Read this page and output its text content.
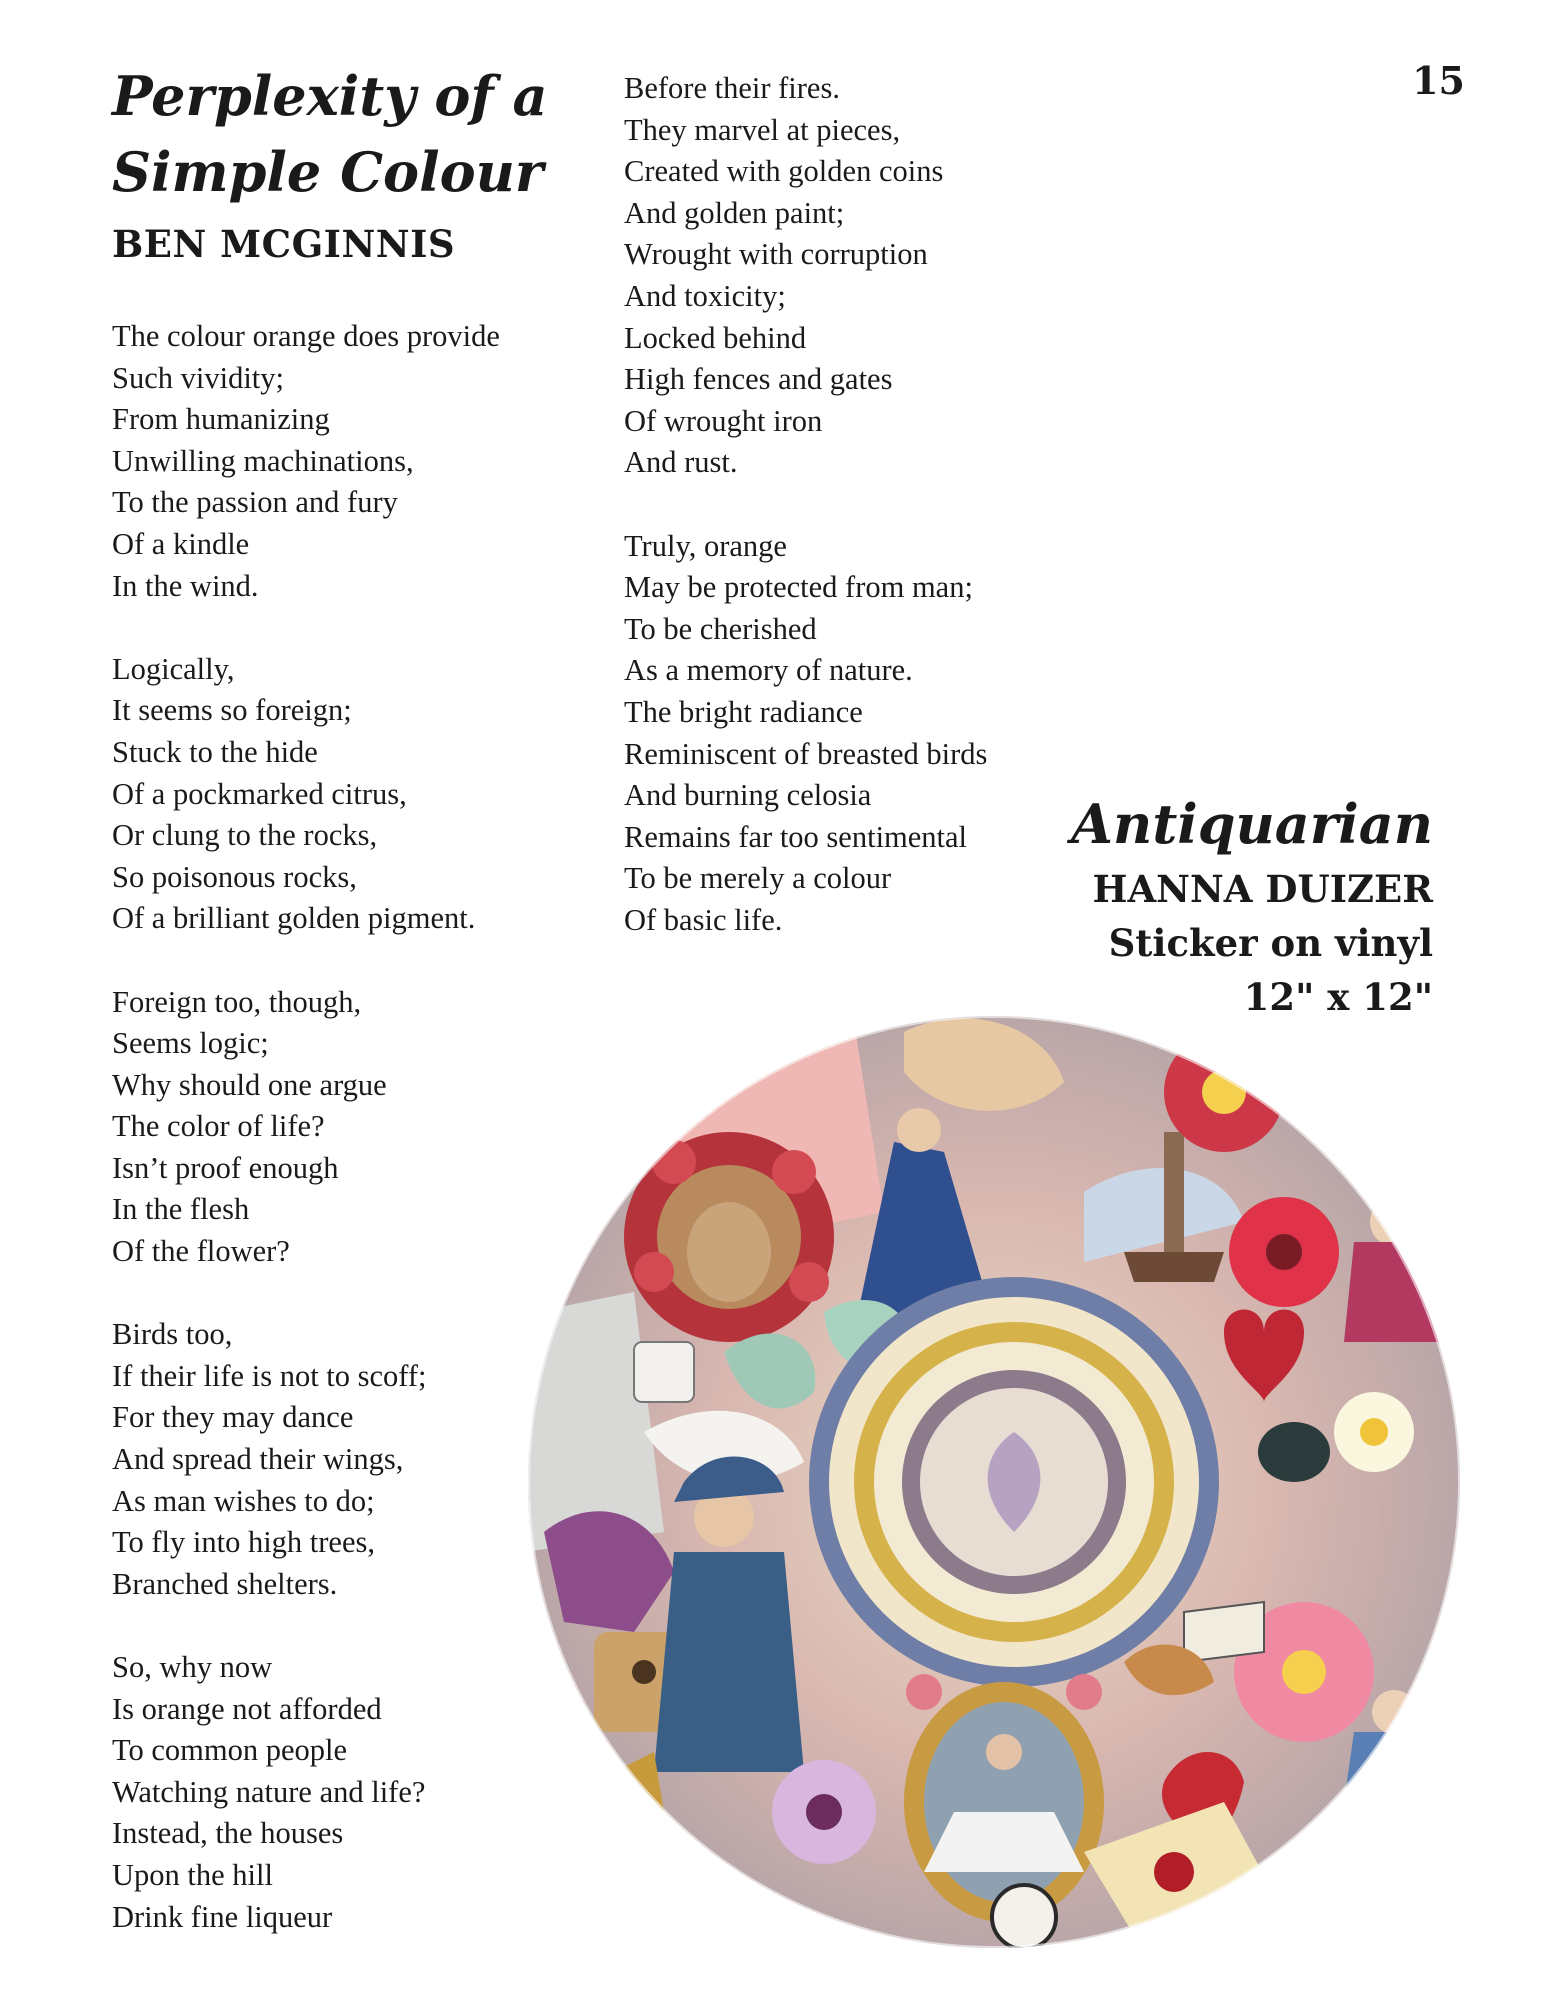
15
Perplexity of a Simple Colour
BEN MCGINNIS

The colour orange does provide
Such vividity;
From humanizing
Unwilling machinations,
To the passion and fury
Of a kindle
In the wind.

Logically,
It seems so foreign;
Stuck to the hide
Of a pockmarked citrus,
Or clung to the rocks,
So poisonous rocks,
Of a brilliant golden pigment.

Foreign too, though,
Seems logic;
Why should one argue
The color of life?
Isn’t proof enough
In the flesh
Of the flower?

Birds too,
If their life is not to scoff;
For they may dance
And spread their wings,
As man wishes to do;
To fly into high trees,
Branched shelters.

So, why now
Is orange not afforded
To common people
Watching nature and life?
Instead, the houses
Upon the hill
Drink fine liqueur

Before their fires.
They marvel at pieces,
Created with golden coins
And golden paint;
Wrought with corruption
And toxicity;
Locked behind
High fences and gates
Of wrought iron
And rust.

Truly, orange
May be protected from man;
To be cherished
As a memory of nature.
The bright radiance
Reminiscent of breasted birds
And burning celosia
Remains far too sentimental
To be merely a colour
Of basic life.

Antiquarian
HANNA DUIZER
Sticker on vinyl
12" x 12"
